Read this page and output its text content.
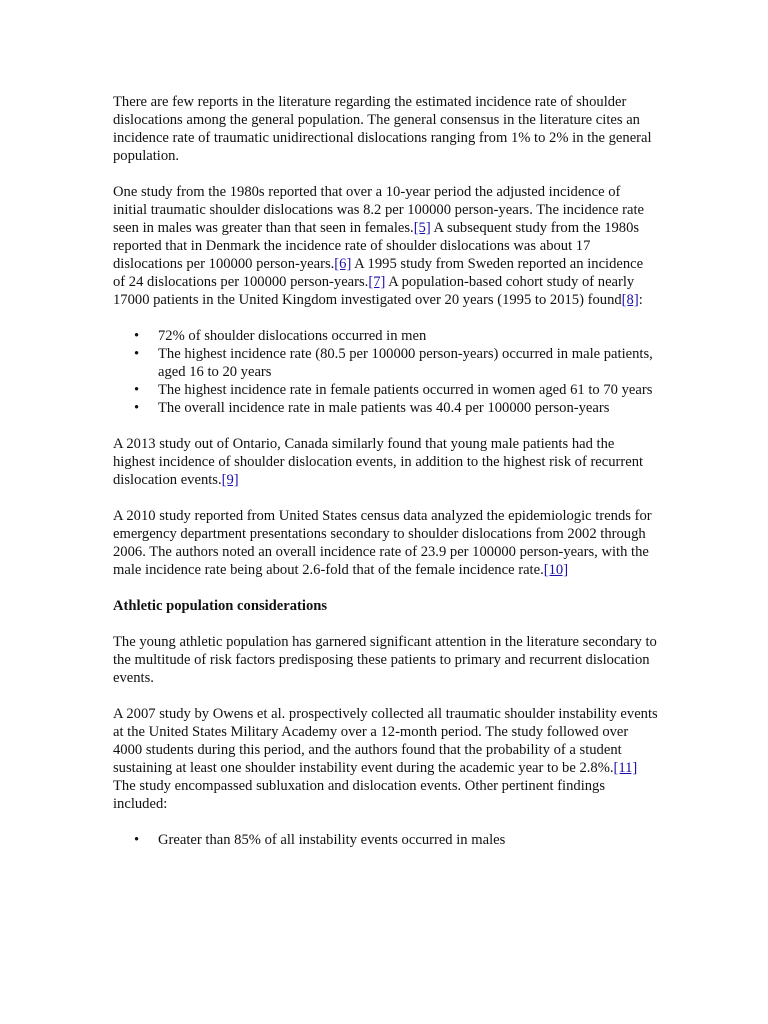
There are few reports in the literature regarding the estimated incidence rate of shoulder dislocations among the general population. The general consensus in the literature cites an incidence rate of traumatic unidirectional dislocations ranging from 1% to 2% in the general population.

One study from the 1980s reported that over a 10-year period the adjusted incidence of initial traumatic shoulder dislocations was 8.2 per 100000 person-years. The incidence rate seen in males was greater than that seen in females.[5] A subsequent study from the 1980s reported that in Denmark the incidence rate of shoulder dislocations was about 17 dislocations per 100000 person-years.[6] A 1995 study from Sweden reported an incidence of 24 dislocations per 100000 person-years.[7] A population-based cohort study of nearly 17000 patients in the United Kingdom investigated over 20 years (1995 to 2015) found[8]:

• 72% of shoulder dislocations occurred in men
• The highest incidence rate (80.5 per 100000 person-years) occurred in male patients, aged 16 to 20 years
• The highest incidence rate in female patients occurred in women aged 61 to 70 years
• The overall incidence rate in male patients was 40.4 per 100000 person-years

A 2013 study out of Ontario, Canada similarly found that young male patients had the highest incidence of shoulder dislocation events, in addition to the highest risk of recurrent dislocation events.[9]

A 2010 study reported from United States census data analyzed the epidemiologic trends for emergency department presentations secondary to shoulder dislocations from 2002 through 2006. The authors noted an overall incidence rate of 23.9 per 100000 person-years, with the male incidence rate being about 2.6-fold that of the female incidence rate.[10]

Athletic population considerations

The young athletic population has garnered significant attention in the literature secondary to the multitude of risk factors predisposing these patients to primary and recurrent dislocation events.

A 2007 study by Owens et al. prospectively collected all traumatic shoulder instability events at the United States Military Academy over a 12-month period. The study followed over 4000 students during this period, and the authors found that the probability of a student sustaining at least one shoulder instability event during the academic year to be 2.8%.[11] The study encompassed subluxation and dislocation events. Other pertinent findings included:

• Greater than 85% of all instability events occurred in males
